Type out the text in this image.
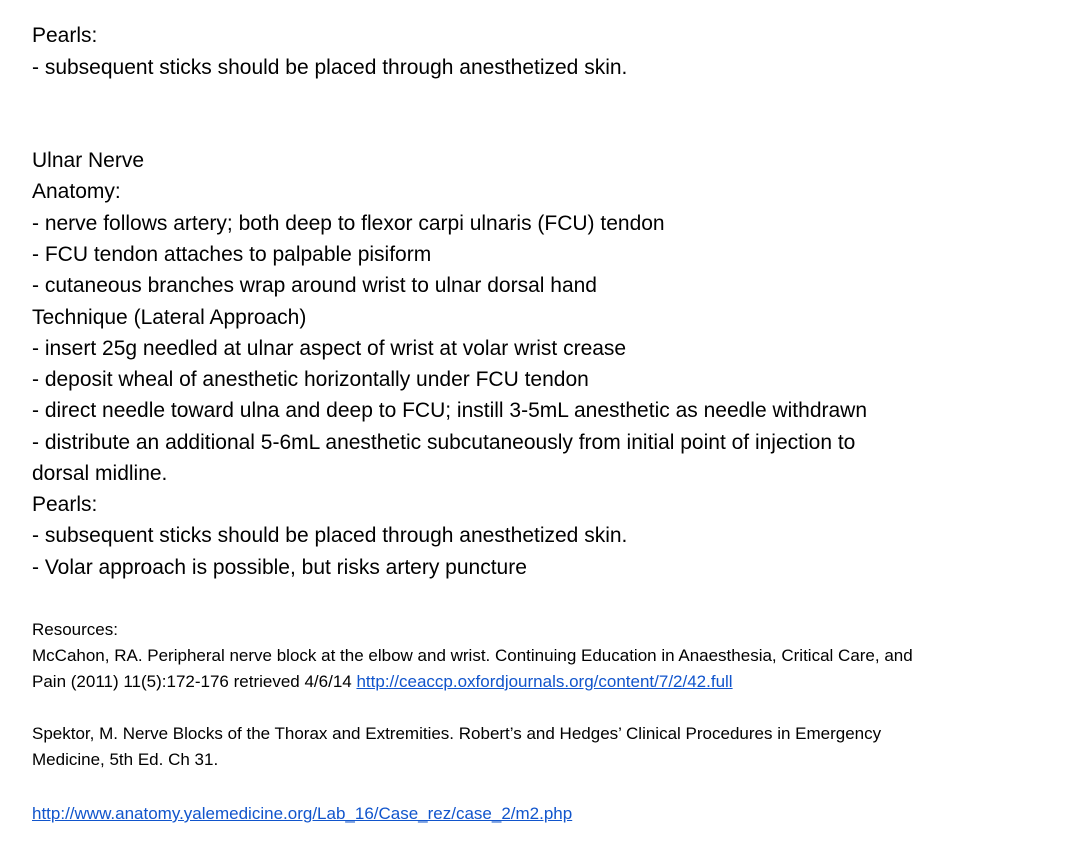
Pearls:
- subsequent sticks should be placed through anesthetized skin.
Ulnar Nerve
Anatomy:
- nerve follows artery; both deep to flexor carpi ulnaris (FCU) tendon
- FCU tendon attaches to palpable pisiform
- cutaneous branches wrap around wrist to ulnar dorsal hand
Technique (Lateral Approach)
- insert 25g needled at ulnar aspect of wrist at volar wrist crease
- deposit wheal of anesthetic horizontally under FCU tendon
- direct needle toward ulna and deep to FCU; instill 3-5mL anesthetic as needle withdrawn
- distribute an additional 5-6mL anesthetic subcutaneously from initial point of injection to
dorsal midline.
Pearls:
- subsequent sticks should be placed through anesthetized skin.
- Volar approach is possible, but risks artery puncture
Resources:
McCahon, RA. Peripheral nerve block at the elbow and wrist. Continuing Education in Anaesthesia, Critical Care, and
Pain (2011) 11(5):172-176 retrieved 4/6/14 http://ceaccp.oxfordjournals.org/content/7/2/42.full
Spektor, M. Nerve Blocks of the Thorax and Extremities. Robert’s and Hedges’ Clinical Procedures in Emergency
Medicine, 5th Ed. Ch 31.
http://www.anatomy.yalemedicine.org/Lab_16/Case_rez/case_2/m2.php
